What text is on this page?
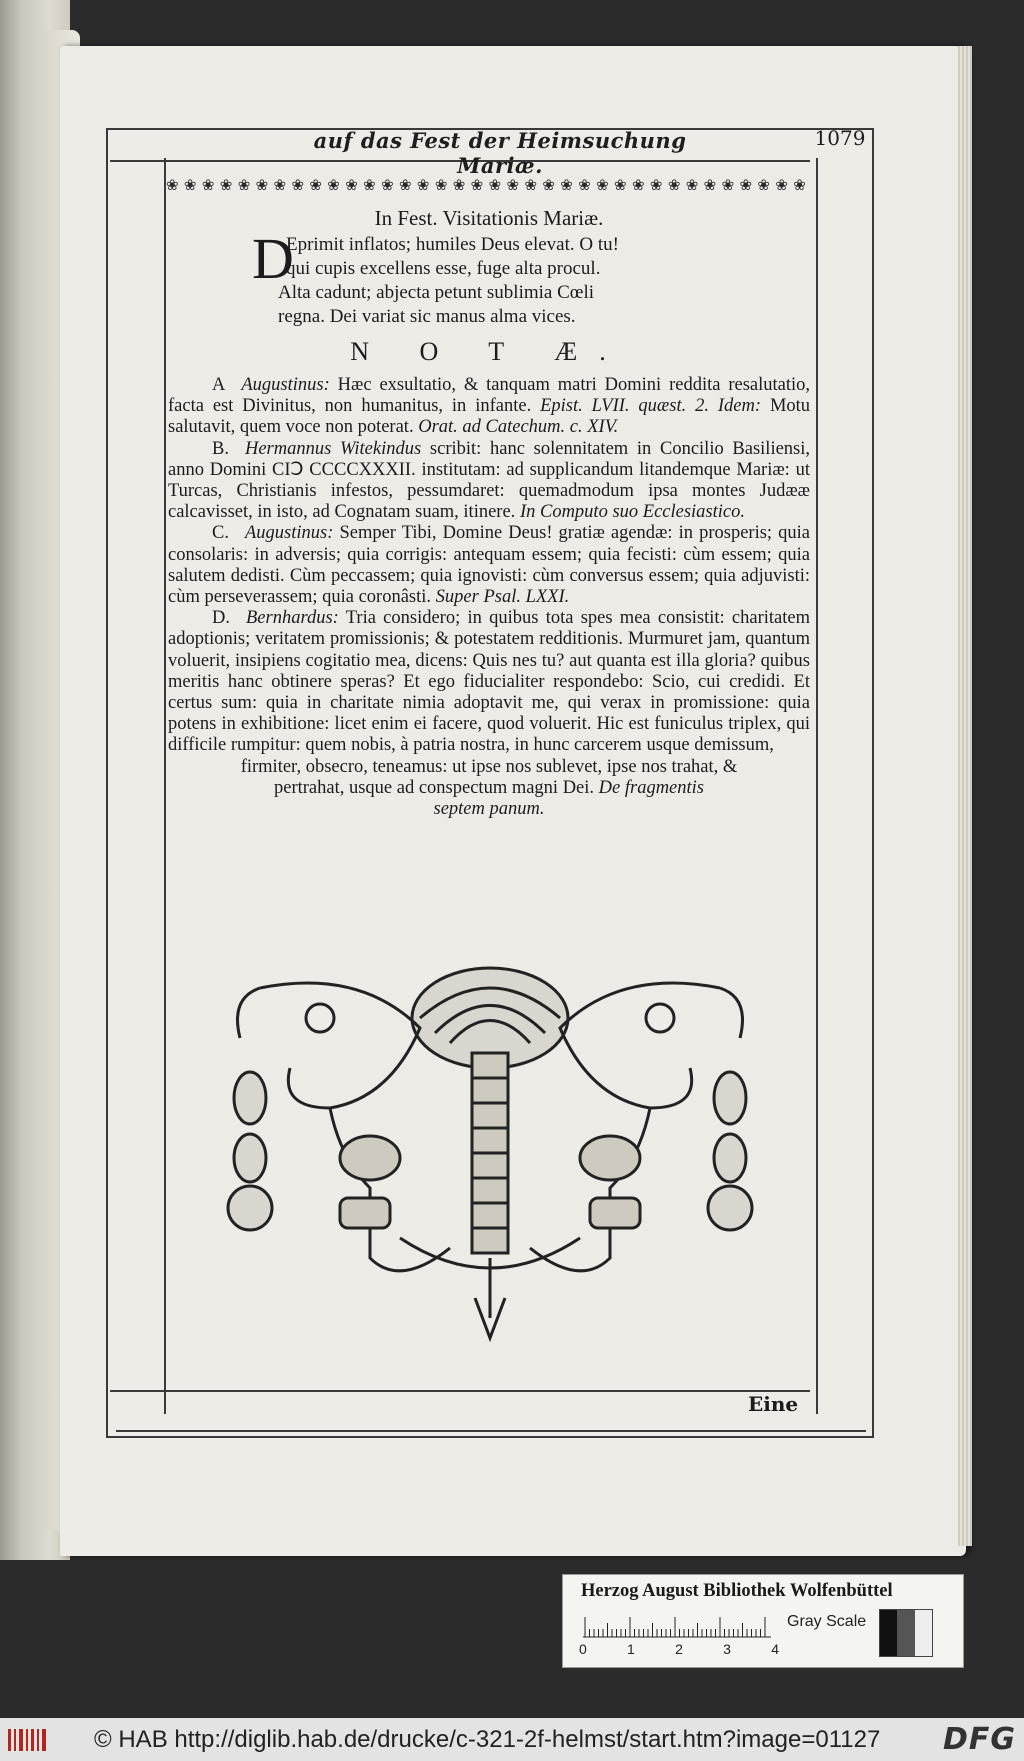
auf das Fest der Heimsuchung Mariæ.
1079
❀ ❀ ❀ ❀ ❀ ❀ ❀ ❀ ❀ ❀ ❀ ❀ ❀ ❀ ❀ ❀ ❀ ❀ ❀ ❀ ❀ ❀ ❀ ❀ ❀ ❀ ❀ ❀ ❀ ❀ ❀ ❀ ❀ ❀ ❀ ❀
In Fest. Visitationis Mariæ.
D
Eprimit inflatos; humiles Deus elevat. O tu!
qui cupis excellens esse, fuge alta procul.
Alta cadunt; abjecta petunt sublimia Cœli
regna. Dei variat sic manus alma vices.
N O T Æ.

A Augustinus: Hæc exsultatio, & tanquam matri Domini reddita resalutatio, facta est Divinitus, non humanitus, in infante. Epist. LVII. quæst. 2. Idem: Motu salutavit, quem voce non poterat. Orat. ad Catechum. c. XIV.

B. Hermannus Witekindus scribit: hanc solennitatem in Concilio Basiliensi, anno Domini CIↃ CCCCXXXII. institutam: ad supplicandum litandemque Mariæ: ut Turcas, Christianis infestos, pessumdaret: quemadmodum ipsa montes Judææ calcavisset, in isto, ad Cognatam suam, itinere. In Computo suo Ecclesiastico.

C. Augustinus: Semper Tibi, Domine Deus! gratiæ agendæ: in prosperis; quia consolaris: in adversis; quia corrigis: antequam essem; quia fecisti: cùm essem; quia salutem dedisti. Cùm peccassem; quia ignovisti: cùm conversus essem; quia adjuvisti: cùm perseverassem; quia coronâsti. Super Psal. LXXI.

D. Bernhardus: Tria considero; in quibus tota spes mea consistit: charitatem adoptionis; veritatem promissionis; & potestatem redditionis. Murmuret jam, quantum voluerit, insipiens cogitatio mea, dicens: Quis nes tu? aut quanta est illa gloria? quibus meritis hanc obtinere speras? Et ego fiducialiter respondebo: Scio, cui credidi. Et certus sum: quia in charitate nimia adoptavit me, qui verax in promissione: quia potens in exhibitione: licet enim ei facere, quod voluerit. Hic est funiculus triplex, qui difficile rumpitur: quem nobis, à patria nostra, in hunc carcerem usque demissum,

firmiter, obsecro, teneamus: ut ipse nos sublevet, ipse nos trahat, &
pertrahat, usque ad conspectum magni Dei. De fragmentis
septem panum.
Eine
Herzog August Bibliothek Wolfenbüttel
0	1	2	3	4
Gray Scale
© HAB http://diglib.hab.de/drucke/c-321-2f-helmst/start.htm?image=01127 DFG
